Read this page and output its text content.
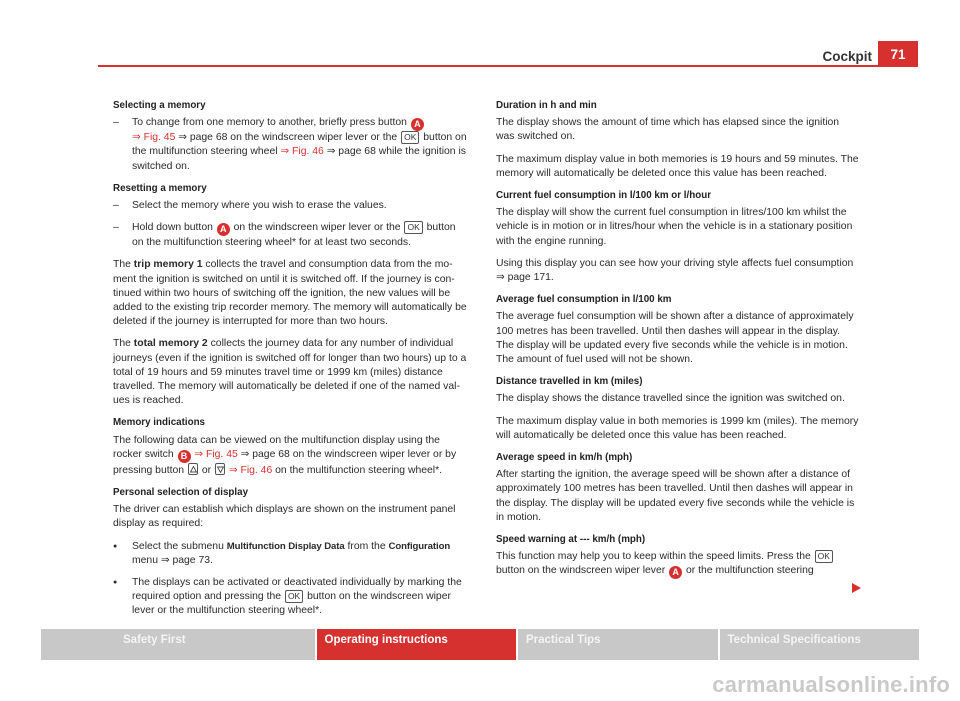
Cockpit	71
Selecting a memory
– To change from one memory to another, briefly press button A
⇒ Fig. 45 ⇒ page 68 on the windscreen wiper lever or the OK button on the multifunction steering wheel ⇒ Fig. 46 ⇒ page 68 while the ignition is switched on.
Resetting a memory
– Select the memory where you wish to erase the values.
– Hold down button A on the windscreen wiper lever or the OK button on the multifunction steering wheel* for at least two seconds.
The trip memory 1 collects the travel and consumption data from the moment the ignition is switched on until it is switched off. If the journey is continued within two hours of switching off the ignition, the new values will be added to the existing trip recorder memory. The memory will automatically be deleted if the journey is interrupted for more than two hours.
The total memory 2 collects the journey data for any number of individual journeys (even if the ignition is switched off for longer than two hours) up to a total of 19 hours and 59 minutes travel time or 1999 km (miles) distance travelled. The memory will automatically be deleted if one of the named values is reached.
Memory indications
The following data can be viewed on the multifunction display using the rocker switch B ⇒ Fig. 45 ⇒ page 68 on the windscreen wiper lever or by pressing button or ⇒ Fig. 46 on the multifunction steering wheel*.
Personal selection of display
The driver can establish which displays are shown on the instrument panel display as required:
● Select the submenu Multifunction Display Data from the Configuration menu ⇒ page 73.
● The displays can be activated or deactivated individually by marking the required option and pressing the OK button on the windscreen wiper lever or the multifunction steering wheel*.
Duration in h and min
The display shows the amount of time which has elapsed since the ignition was switched on.
The maximum display value in both memories is 19 hours and 59 minutes. The memory will automatically be deleted once this value has been reached.
Current fuel consumption in l/100 km or l/hour
The display will show the current fuel consumption in litres/100 km whilst the vehicle is in motion or in litres/hour when the vehicle is in a stationary position with the engine running.
Using this display you can see how your driving style affects fuel consumption ⇒ page 171.
Average fuel consumption in l/100 km
The average fuel consumption will be shown after a distance of approximately 100 metres has been travelled. Until then dashes will appear in the display. The display will be updated every five seconds while the vehicle is in motion. The amount of fuel used will not be shown.
Distance travelled in km (miles)
The display shows the distance travelled since the ignition was switched on.
The maximum display value in both memories is 1999 km (miles). The memory will automatically be deleted once this value has been reached.
Average speed in km/h (mph)
After starting the ignition, the average speed will be shown after a distance of approximately 100 metres has been travelled. Until then dashes will appear in the display. The display will be updated every five seconds while the vehicle is in motion.
Speed warning at --- km/h (mph)
This function may help you to keep within the speed limits. Press the OK button on the windscreen wiper lever A or the multifunction steering
Safety First	Operating instructions	Practical Tips	Technical Specifications
carmanualsonline.info
